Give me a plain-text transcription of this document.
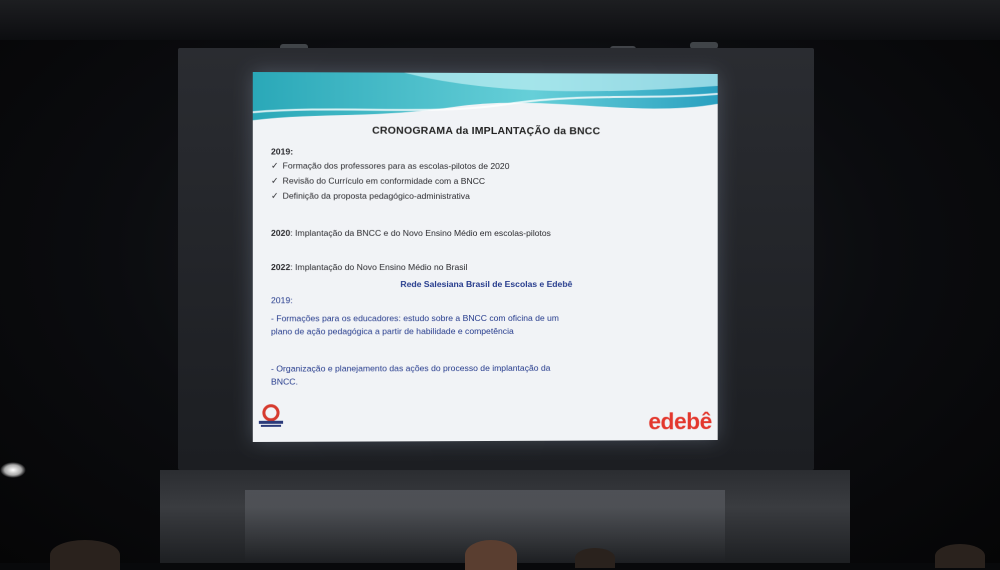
CRONOGRAMA da IMPLANTAÇÃO da BNCC
2019:
✓ Formação dos professores para as escolas-pilotos de 2020
✓ Revisão do Currículo em conformidade com a BNCC
✓ Definição da proposta pedagógico-administrativa
2020: Implantação da BNCC e do Novo Ensino Médio em escolas-pilotos
2022: Implantação do Novo Ensino Médio no Brasil
Rede Salesiana Brasil de Escolas e Edebê
2019:
- Formações para os educadores: estudo sobre a BNCC com oficina de um
plano de ação pedagógica a partir de habilidade e competência
- Organização e planejamento das ações do processo de implantação da
BNCC.
edebê
